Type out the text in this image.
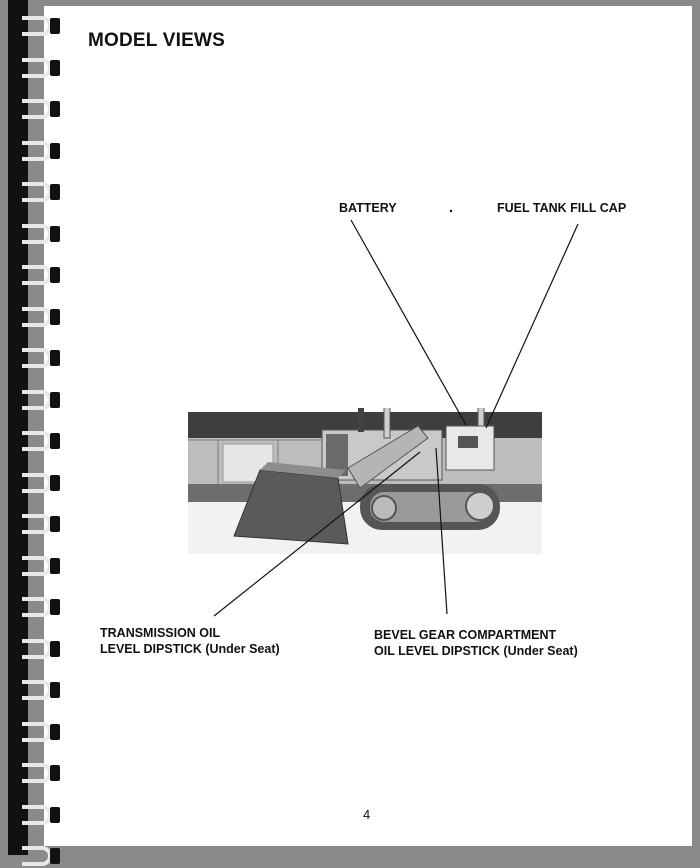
MODEL VIEWS
BATTERY	FUEL TANK FILL CAP
TRANSMISSION OIL
LEVEL DIPSTICK (Under Seat)
BEVEL GEAR COMPARTMENT
OIL LEVEL DIPSTICK (Under Seat)
4
